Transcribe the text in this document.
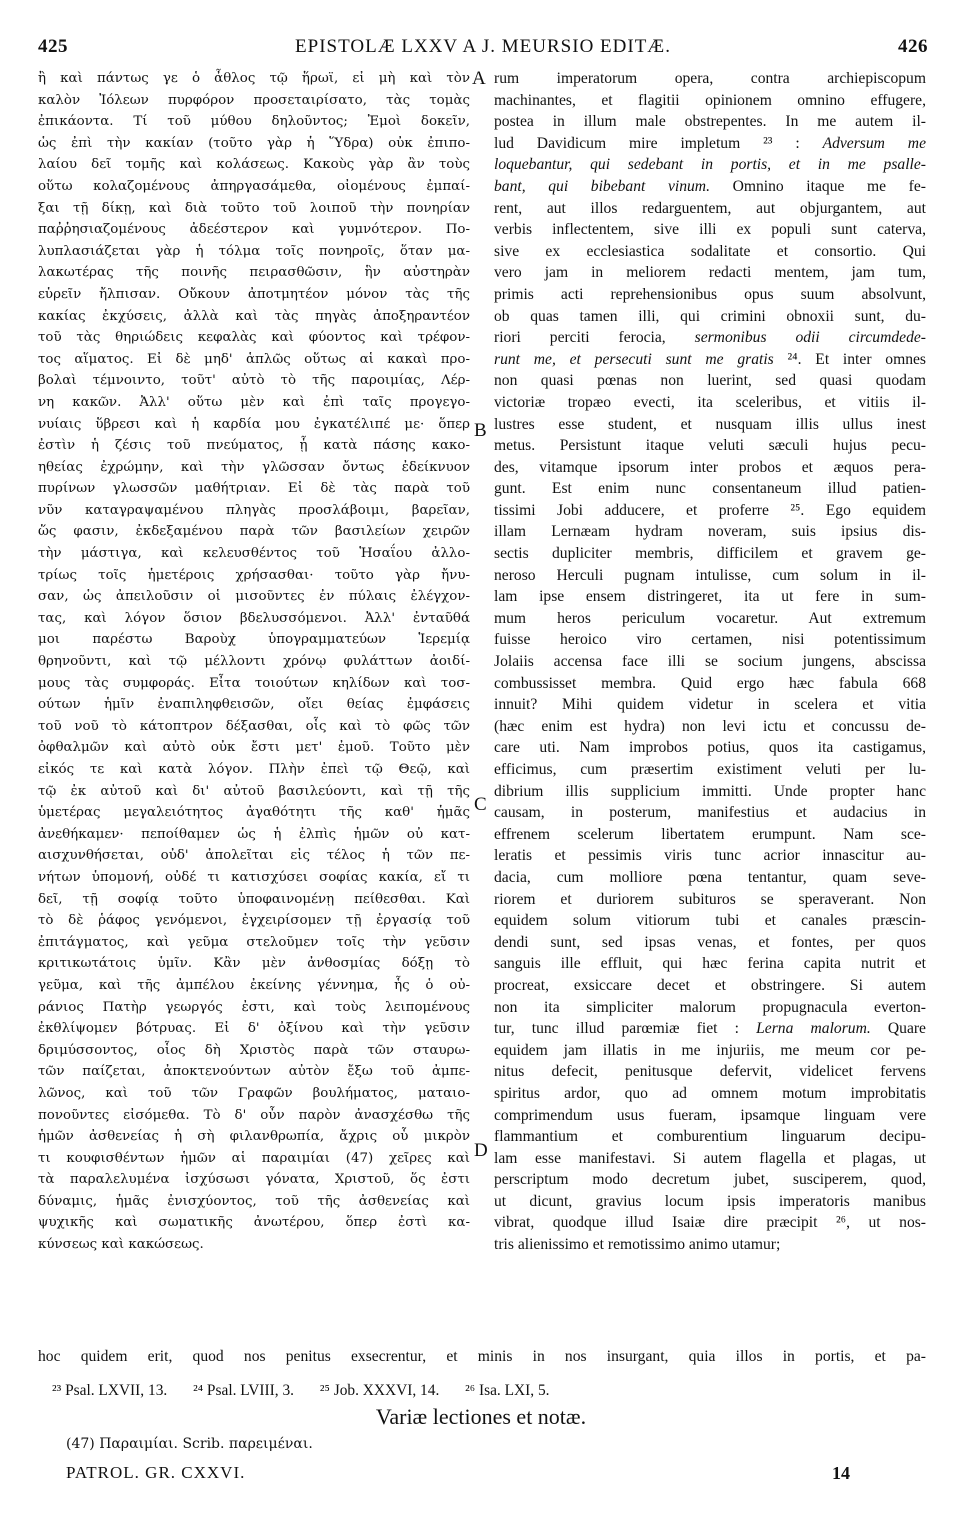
425	EPISTOLÆ LXXV A J. MEURSIO EDITÆ.	426
ἢ καὶ πάντως γε ὁ ἆθλος τῷ ἥρωϊ, εἰ μὴ καὶ τὸν
καλὸν Ἰόλεων πυρφόρον προσεταιρίσατο, τὰς τομὰς
ἐπικάοντα. Τί τοῦ μύθου δηλοῦντος; Ἐμοὶ δοκεῖν,
ὡς ἐπὶ τὴν κακίαν (τοῦτο γὰρ ἡ Ὕδρα) οὐκ ἐπιπο-
λαίου δεῖ τομῆς καὶ κολάσεως. Κακοὺς γὰρ ἂν τοὺς
οὕτω κολαζομένους ἀπηργασάμεθα, οἰομένους ἐμπαί-
ξαι τῇ δίκῃ, καὶ διὰ τοῦτο τοῦ λοιποῦ τὴν πονηρίαν
παῤῥησιαζομένους ἀδεέστερον καὶ γυμνότερον. Πο-
λυπλασιάζεται γὰρ ἡ τόλμα τοῖς πονηροῖς, ὅταν μα-
λακωτέρας τῆς ποινῆς πειρασθῶσιν, ἣν αὐστηρὰν
εὑρεῖν ἤλπισαν. Οὔκουν ἀποτμητέον μόνον τὰς τῆς
κακίας ἐκχύσεις, ἀλλὰ καὶ τὰς πηγὰς ἀποξηραντέον
τοῦ τὰς θηριώδεις κεφαλὰς καὶ φύοντος καὶ τρέφον-
τος αἵματος. Εἰ δὲ μηδ' ἁπλῶς οὕτως αἱ κακαὶ προ-
βολαὶ τέμνοιντο, τοῦτ' αὐτὸ τὸ τῆς παροιμίας, Λέρ-
νη κακῶν. Ἀλλ' οὕτω μὲν καὶ ἐπὶ ταῖς προγεγο-
νυίαις ὕβρεσι καὶ ἡ καρδία μου ἐγκατέλιπέ με· ὅπερ
ἐστὶν ἡ ζέσις τοῦ πνεύματος, ᾗ κατὰ πάσης κακο-
ηθείας ἐχρώμην, καὶ τὴν γλῶσσαν ὄντως ἐδείκνυον
πυρίνων γλωσσῶν μαθήτριαν. Εἰ δὲ τὰς παρὰ τοῦ
νῦν καταγραψαμένου πληγὰς προσλάβοιμι, βαρεῖαν,
ὥς φασιν, ἐκδεξαμένου παρὰ τῶν βασιλείων χειρῶν
τὴν μάστιγα, καὶ κελευσθέντος τοῦ Ἡσαΐου ἀλλο-
τρίως τοῖς ἡμετέροις χρήσασθαι· τοῦτο γὰρ ἤνυ-
σαν, ὡς ἀπειλοῦσιν οἱ μισοῦντες ἐν πύλαις ἐλέγχον-
τας, καὶ λόγον ὅσιον βδελυσσόμενοι. Ἀλλ' ἐνταῦθά
μοι παρέστω Βαροὺχ ὑπογραμματεύων Ἱερεμίᾳ
θρηνοῦντι, καὶ τῷ μέλλοντι χρόνῳ φυλάττων ἀοιδί-
μους τὰς συμφοράς. Εἶτα τοιούτων κηλίδων καὶ τοσ-
ούτων ἡμῖν ἐναπιληφθεισῶν, οἴει θείας ἐμφάσεις
τοῦ νοῦ τὸ κάτοπτρον δέξασθαι, οἷς καὶ τὸ φῶς τῶν
ὀφθαλμῶν καὶ αὐτὸ οὐκ ἔστι μετ' ἐμοῦ. Τοῦτο μὲν
εἰκός τε καὶ κατὰ λόγον. Πλὴν ἐπεὶ τῷ Θεῷ, καὶ
τῷ ἐκ αὐτοῦ καὶ δι' αὐτοῦ βασιλεύοντι, καὶ τῇ τῆς
ὑμετέρας μεγαλειότητος ἀγαθότητι τῆς καθ' ἡμᾶς
ἀνεθήκαμεν· πεποίθαμεν ὡς ἡ ἐλπὶς ἡμῶν οὐ κατ-
αισχυνθήσεται, οὐδ' ἀπολεῖται εἰς τέλος ἡ τῶν πε-
νήτων ὑπομονή, οὐδέ τι κατισχύσει σοφίας κακία, εἴ τι
δεῖ, τῇ σοφίᾳ τοῦτο ὑποφαινομένῃ πείθεσθαι. Καὶ
τὸ δὲ ῥάφος γενόμενοι, ἐγχειρίσομεν τῇ ἐργασίᾳ τοῦ
ἐπιτάγματος, καὶ γεῦμα στελοῦμεν τοῖς τὴν γεῦσιν
κριτικωτάτοις ὑμῖν. Κἂν μὲν ἀνθοσμίας δόξῃ τὸ
γεῦμα, καὶ τῆς ἀμπέλου ἐκείνης γέννημα, ἧς ὁ οὐ-
ράνιος Πατὴρ γεωργός ἐστι, καὶ τοὺς λειπομένους
ἐκθλίψομεν βότρυας. Εἰ δ' ὀξίνου καὶ τὴν γεῦσιν
δριμύσσοντος, οἷος δὴ Χριστὸς παρὰ τῶν σταυρω-
τῶν παίζεται, ἀποκτενούντων αὐτὸν ἔξω τοῦ ἀμπε-
λῶνος, καὶ τοῦ τῶν Γραφῶν βουλήματος, ματαιο-
πονοῦντες εἰσόμεθα. Τὸ δ' οὖν παρὸν ἀνασχέσθω τῆς
ἡμῶν ἀσθενείας ἡ σὴ φιλανθρωπία, ἄχρις οὗ μικρὸν
τι κουφισθέντων ἡμῶν αἱ παραιμίαι (47) χεῖρες καὶ
τὰ παραλελυμένα ἰσχύσωσι γόνατα, Χριστοῦ, ὅς ἐστι
δύναμις, ἡμᾶς ἐνισχύοντος, τοῦ τῆς ἀσθενείας καὶ
ψυχικῆς καὶ σωματικῆς ἀνωτέρου, ὅπερ ἐστὶ κα-
κύνσεως καὶ κακώσεως.
rum imperatorum opera, contra archiepiscopum
machinantes, et flagitii opinionem omnino effugere,
postea in illum male obstrepentes. In me autem il-
lud Davidicum mire impletum ²³ : Adversum me
loquebantur, qui sedebant in portis, et in me psalle-
bant, qui bibebant vinum. Omnino itaque me fe-
rent, aut illos redarguentem, aut objurgantem, aut
verbis inflectentem, sive illi ex populi sunt caterva,
sive ex ecclesiastica sodalitate et consortio. Qui
vero jam in meliorem redacti mentem, jam tum,
primis acti reprehensionibus opus suum absolvunt,
ob quas tamen illi, qui crimini obnoxii sunt, du-
riori perciti ferocia, sermonibus odii circumdede-
runt me, et persecuti sunt me gratis ²⁴. Et inter omnes
non quasi pœnas non luerint, sed quasi quodam
victoriæ tropæo evecti, ita sceleribus, et vitiis il-
lustres esse student, et nusquam illis ullus inest
metus. Persistunt itaque veluti sæculi hujus pecu-
des, vitamque ipsorum inter probos et æquos pera-
gunt. Est enim nunc consentaneum illud patien-
tissimi Jobi adducere, et proferre ²⁵. Ego equidem
illam Lernæam hydram noveram, suis ipsius dis-
sectis dupliciter membris, difficilem et gravem ge-
neroso Herculi pugnam intulisse, cum solum in il-
lam ipse ensem distringeret, ita ut fere in sum-
mum heros periculum vocaretur. Aut extremum
fuisse heroico viro certamen, nisi potentissimum
Jolaiis accensa face illi se socium jungens, abscissa
combussisset membra. Quid ergo hæc fabula 668
innuit? Mihi quidem videtur in scelera et vitia
(hæc enim est hydra) non levi ictu et concussu de-
care uti. Nam improbos potius, quos ita castigamus,
efficimus, cum præsertim existiment veluti per lu-
dibrium illis supplicium immitti. Unde propter hanc
causam, in posterum, manifestius et audacius in
effrenem scelerum libertatem erumpunt. Nam sce-
leratis et pessimis viris tunc acrior innascitur au-
dacia, cum molliore pœna tentantur, quam seve-
riorem et duriorem subituros se speraverant. Non
equidem solum vitiorum tubi et canales præscin-
dendi sunt, sed ipsas venas, et fontes, per quos
sanguis ille effluit, qui hæc ferina capita nutrit et
procreat, exsiccare decet et obstringere. Si autem
non ita simpliciter malorum propugnacula everton-
tur, tunc illud parœmiæ fiet : Lerna malorum. Quare
equidem jam illatis in me injuriis, me meum cor pe-
nitus defecit, penitusque defervit, videlicet fervens
spiritus ardor, quo ad omnem motum improbitatis
comprimendum usus fueram, ipsamque linguam vere
flammantium et comburentium linguarum decipu-
lam esse manifestavi. Si autem flagella et plagas, ut
perscriptum modo decretum jubet, susciperem, quod,
ut dicunt, gravius locum ipsis imperatoris manibus
vibrat, quodque illud Isaiæ dire præcipit ²⁶, ut nos-
tris alienissimo et remotissimo animo utamur;
A
B
C
D
hoc quidem erit, quod nos penitus exsecrentur, et minis in nos insurgant, quia illos in portis, et pa-
²³ Psal. LXVII, 13. ²⁴ Psal. LVIII, 3. ²⁵ Job. XXXVI, 14. ²⁶ Isa. LXI, 5.
Variæ lectiones et notæ.
(47) Παραιμίαι. Scrib. παρειμέναι.
PATROL. GR. CXXVI.	14
